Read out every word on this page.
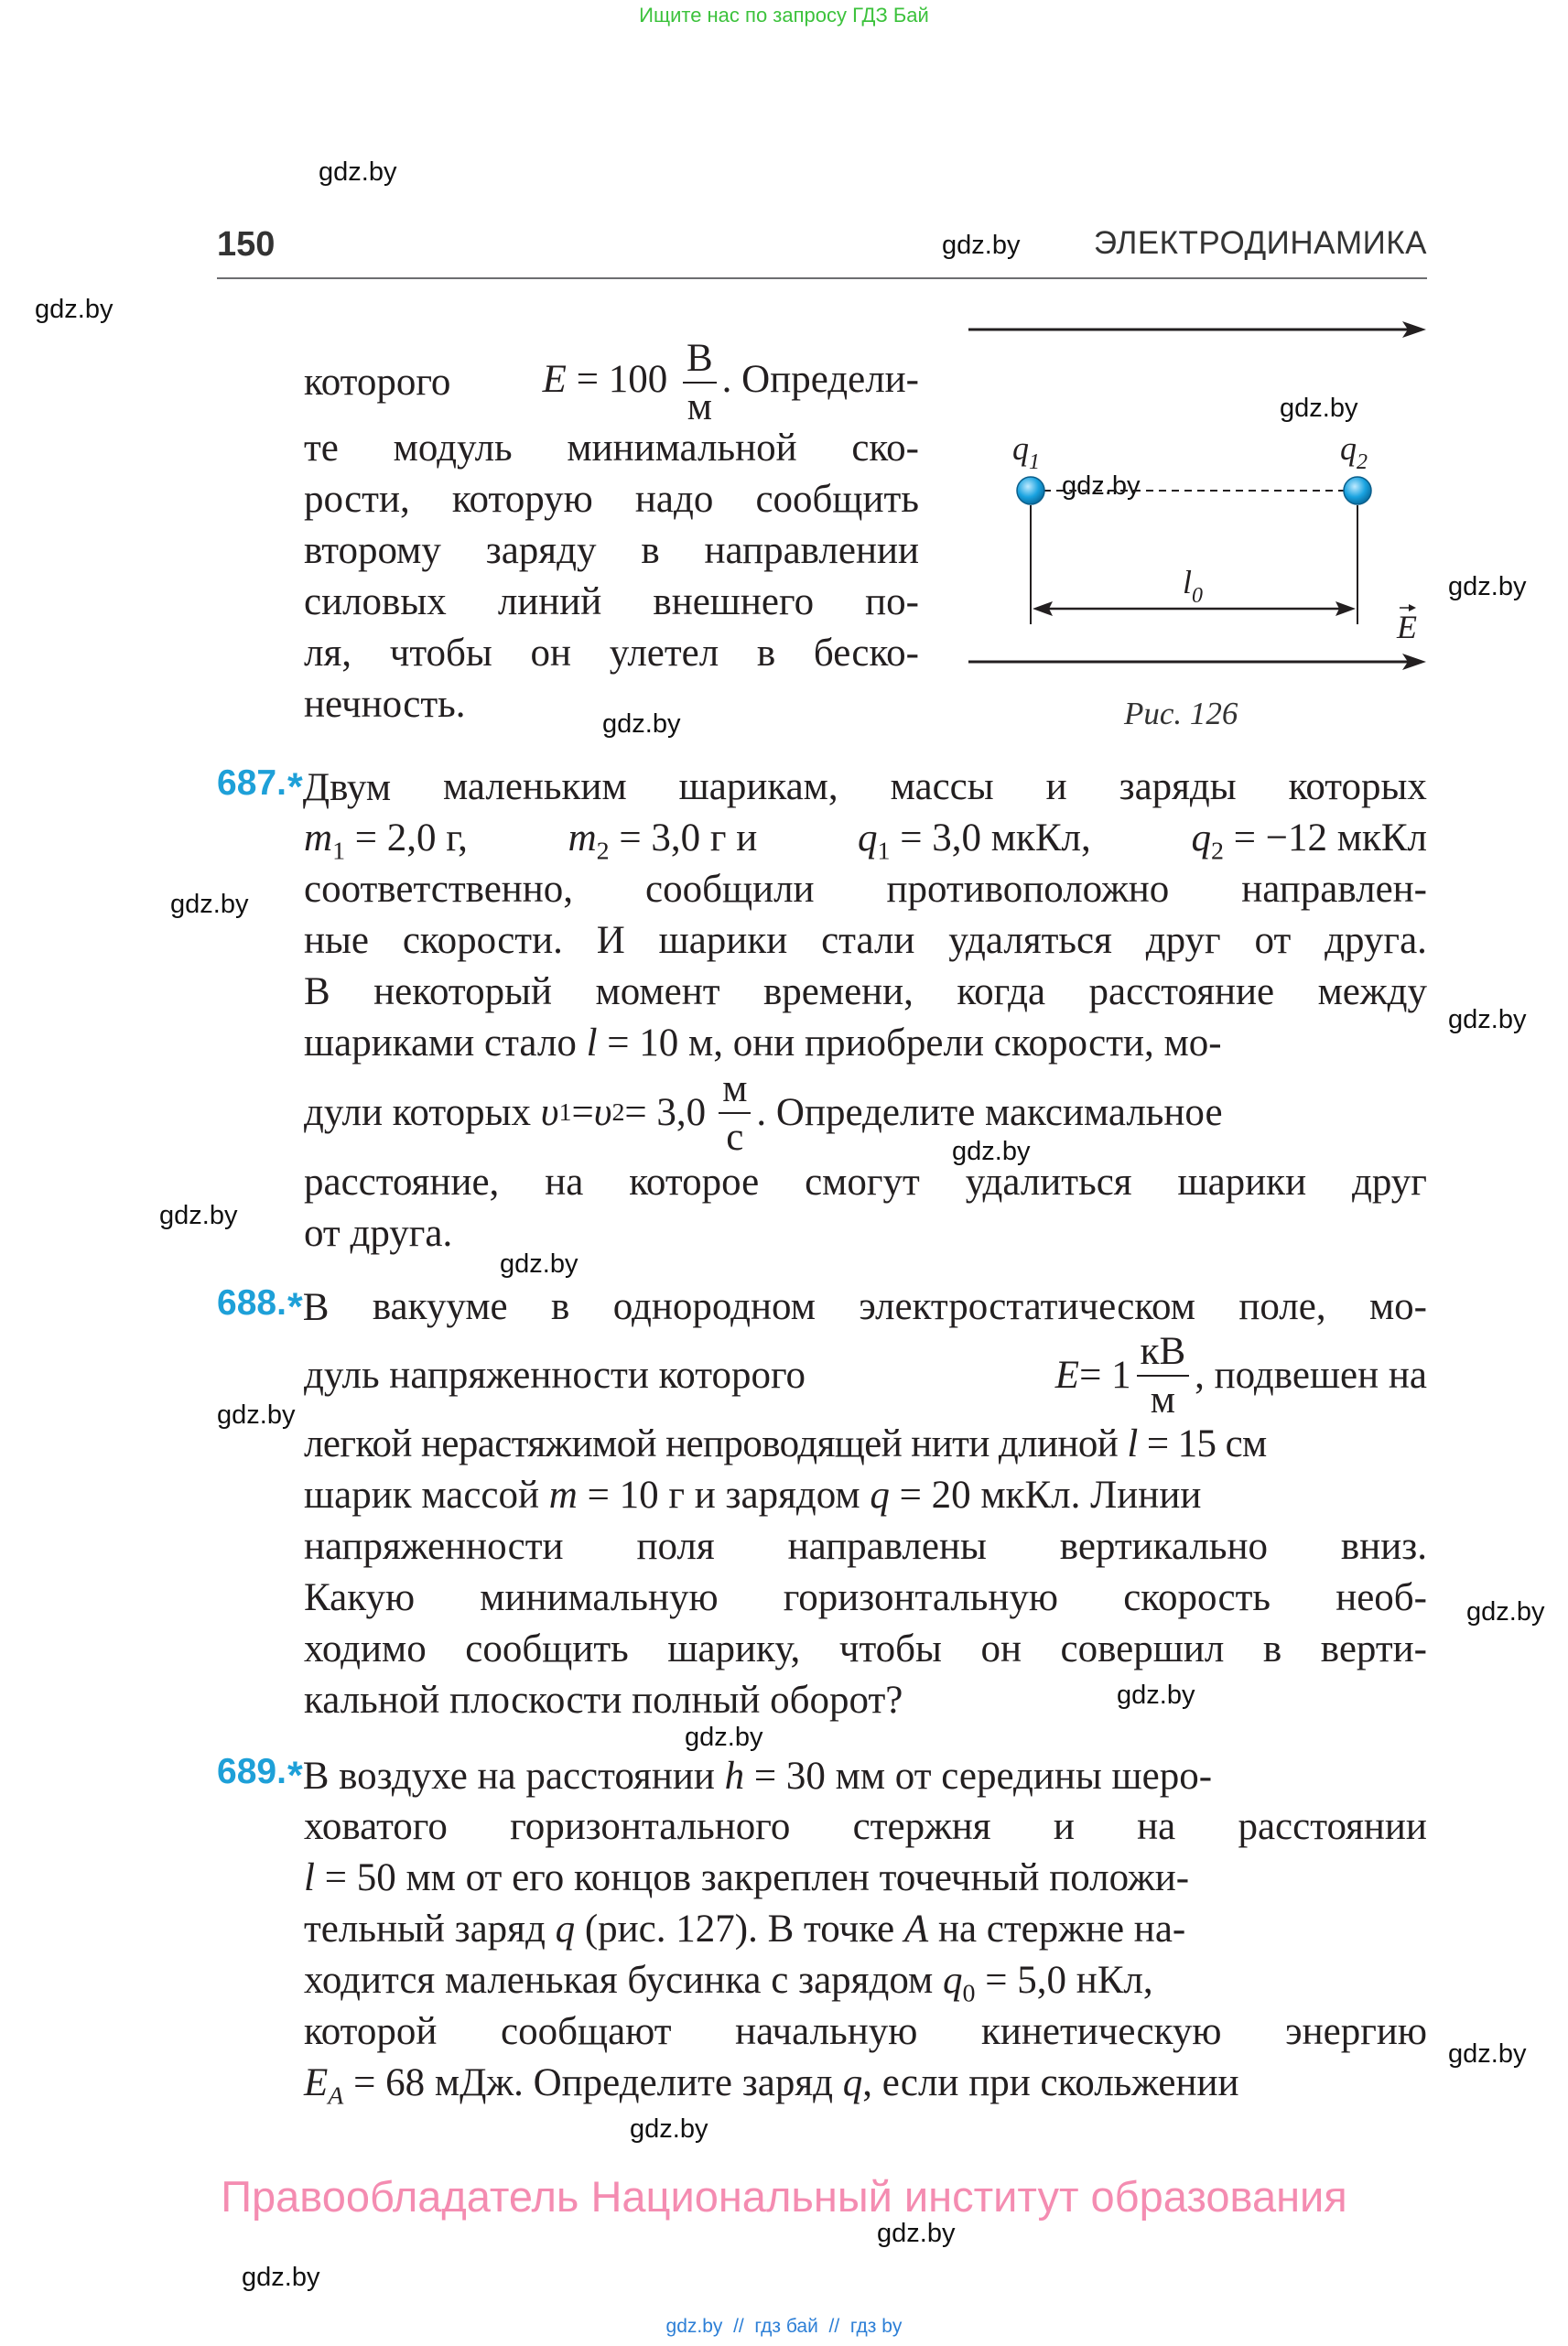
Ищите нас по запросу ГДЗ Бай
gdz.by
gdz.by
gdz.by
gdz.by
gdz.by
gdz.by
gdz.by
gdz.by
gdz.by
gdz.by
gdz.by
gdz.by
gdz.by
gdz.by
gdz.by
gdz.by
gdz.by
gdz.by
gdz.by
gdz.by
150	ЭЛЕКТРОДИНАМИКА
которого $E = 100 \frac{В}{м}$ . Определи-
те модуль минимальной ско-
рости, которую надо сообщить
второму заряду в направлении
силовых линий внешнего по-
ля, чтобы он улетел в беско-
нечность.
$q_1$	$q_2$
$l_0$
E
Рис. 126
687. *Двум маленьким шарикам, массы и заряды которых
$m_1 = 2,0$ г,	$m_2 = 3,0$ г и	$q_1 = 3,0$ мкКл,	$q_2 = -12$ мкКл
соответственно, сообщили противоположно направлен-
ные скорости. И шарики стали удаляться друг от друга.
В некоторый момент времени, когда расстояние между
шариками стало l = 10 м, они приобрели скорости, мо-
дули которых
υ 1 = υ $2 = 3,0 \frac{м}{с}$ . Определите максимальное
расстояние, на которое смогут удалиться шарики друг
от друга.
688. *В вакууме в однородном электростатическом поле, мо-
дуль напряженности которого	$E = 1 \frac{кВ}{м}$ , подвешен на
легкой нерастяжимой непроводящей нити длиной l = 15 см
шарик массой m = 10 г и зарядом q = 20 мкКл. Линии
напряженности поля направлены вертикально вниз.
Какую минимальную горизонтальную скорость необ-
ходимо сообщить шарику, чтобы он совершил в верти-
кальной плоскости полный оборот?
689. *В воздухе на расстоянии h = 30 мм от середины шеро-
ховатого горизонтального стержня и на расстоянии
l = 50 мм от его концов закреплен точечный положи-
тельный заряд q (рис. 127). В точке A на стержне на-
ходится маленькая бусинка с зарядом $q_0 = 5,0$ нКл,
которой сообщают начальную кинетическую энергию
$E_A = 68$ мДж. Определите заряд q, если при скольжении
Правообладатель Национальный институт образования
gdz.by  //  гдз бай  //  гдз by
